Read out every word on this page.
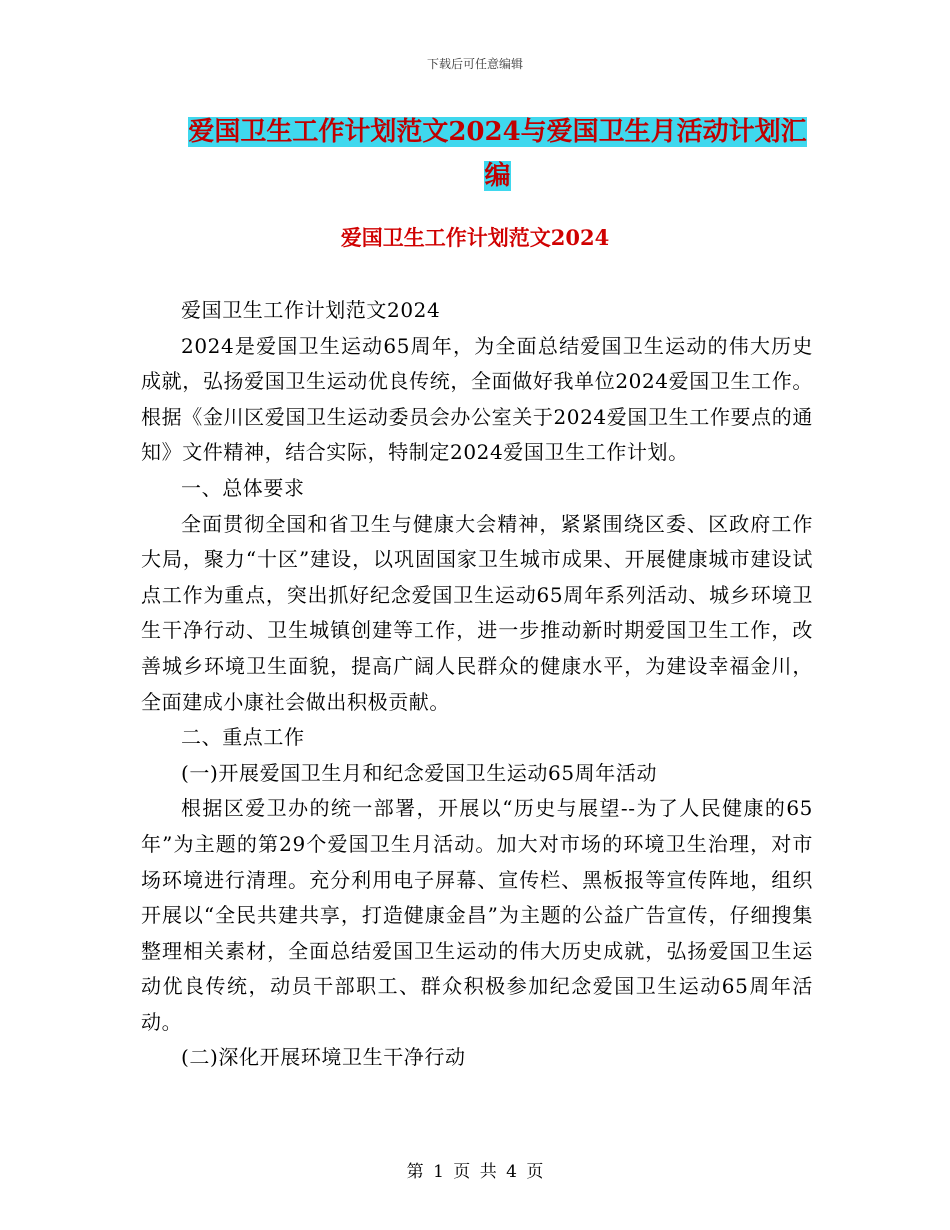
下载后可任意编辑
爱国卫生工作计划范文2024与爱国卫生月活动计划汇编
爱国卫生工作计划范文2024

爱国卫生工作计划范文2024

2024是爱国卫生运动65周年，为全面总结爱国卫生运动的伟大历史成就，弘扬爱国卫生运动优良传统，全面做好我单位2024爱国卫生工作。根据《金川区爱国卫生运动委员会办公室关于2024爱国卫生工作要点的通知》文件精神，结合实际，特制定2024爱国卫生工作计划。

一、总体要求

全面贯彻全国和省卫生与健康大会精神，紧紧围绕区委、区政府工作大局，聚力“十区”建设，以巩固国家卫生城市成果、开展健康城市建设试点工作为重点，突出抓好纪念爱国卫生运动65周年系列活动、城乡环境卫生干净行动、卫生城镇创建等工作，进一步推动新时期爱国卫生工作，改善城乡环境卫生面貌，提高广阔人民群众的健康水平，为建设幸福金川，全面建成小康社会做出积极贡献。

二、重点工作

(一)开展爱国卫生月和纪念爱国卫生运动65周年活动

根据区爱卫办的统一部署，开展以“历史与展望--为了人民健康的65年”为主题的第29个爱国卫生月活动。加大对市场的环境卫生治理，对市场环境进行清理。充分利用电子屏幕、宣传栏、黑板报等宣传阵地，组织开展以“全民共建共享，打造健康金昌”为主题的公益广告宣传，仔细搜集整理相关素材，全面总结爱国卫生运动的伟大历史成就，弘扬爱国卫生运动优良传统，动员干部职工、群众积极参加纪念爱国卫生运动65周年活动。

(二)深化开展环境卫生干净行动

第 1 页 共 4 页
